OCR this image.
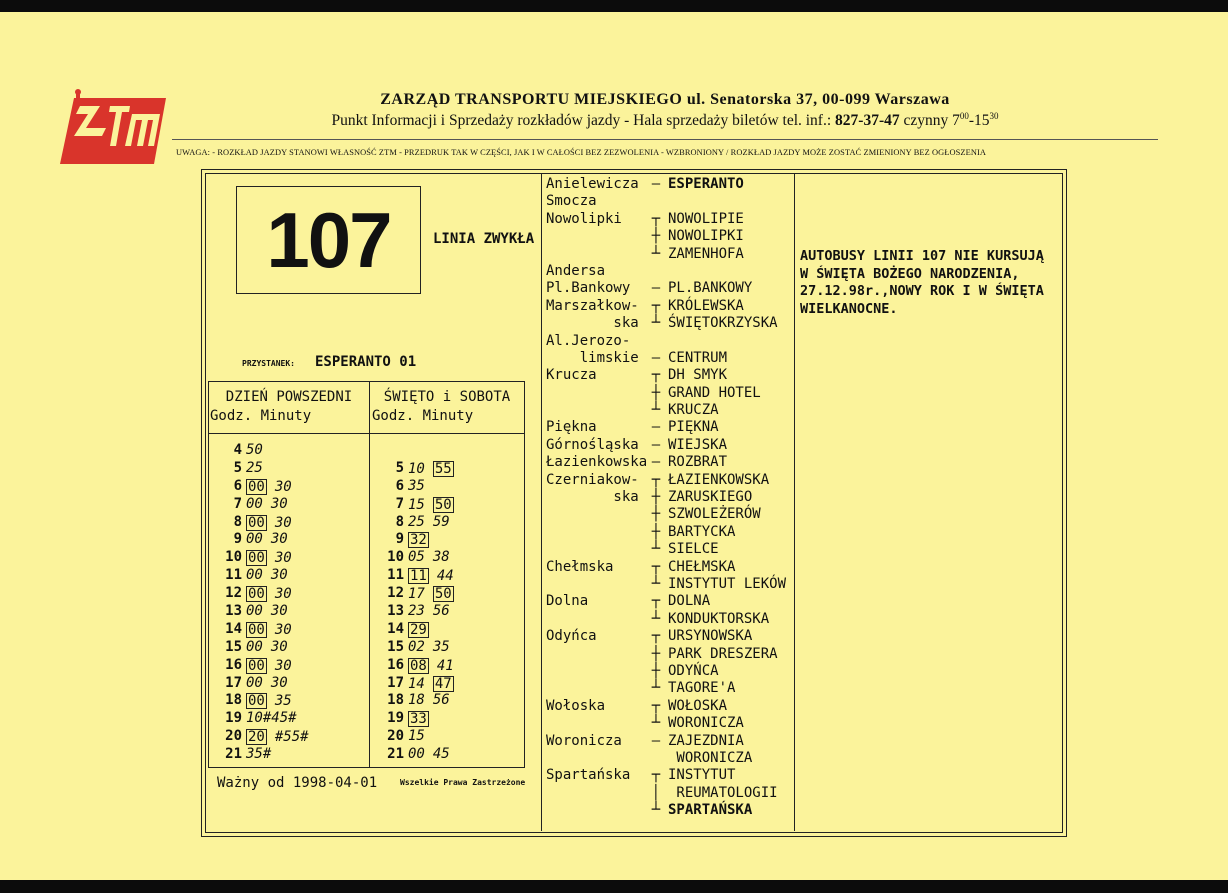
ZARZĄD TRANSPORTU MIEJSKIEGO ul. Senatorska 37, 00-099 Warszawa
Punkt Informacji i Sprzedaży rozkładów jazdy - Hala sprzedaży biletów tel. inf.: 827-37-47 czynny $7^{00}-15^{30}$
UWAGA: - ROZKŁAD JAZDY STANOWI WŁASNOŚĆ ZTM - PRZEDRUK TAK W CZĘŚCI, JAK I W CAŁOŚCI BEZ ZEZWOLENIA - WZBRONIONY / ROZKŁAD JAZDY MOŻE ZOSTAĆ ZMIENIONY BEZ OGŁOSZENIA
107	LINIA ZWYKŁA
PRZYSTANEK: ESPERANTO 01
DZIEŃ POWSZEDNI
Godz. Minuty
ŚWIĘTO i SOBOTA
Godz. Minuty
4 50
5 25
6 00 30
7 00 30
8 00 30
9 00 30
10 00 30
11 00 30
12 00 30
13 00 30
14 00 30
15 00 30
16 00 30
17 00 30
18 00 35
19 10#45#
20 20 #55#
21 35#
5 10 55
6 35
7 15 50
8 25 59
9 32
10 05 38
11 11 44
12 17 50
13 23 56
14 29
15 02 35
16 08 41
17 14 47
18 18 56
19 33
20 15
21 00 45
Ważny od 1998-04-01	Wszelkie Prawa Zastrzeżone
Anielewicza – ESPERANTO
Smocza
Nowolipki ┬ NOWOLIPIE
┼ NOWOLIPKI
┴ ZAMENHOFA
Andersa
Pl.Bankowy – PL.BANKOWY
Marszałkow- ┬ KRÓLEWSKA
ska ┴ ŚWIĘTOKRZYSKA
Al.Jerozo-
limskie – CENTRUM
Krucza	┬ DH SMYK
┼ GRAND HOTEL
┴ KRUCZA
Piękna	– PIĘKNA
Górnośląska – WIEJSKA
Łazienkowska – ROZBRAT
Czerniakow- ┬ ŁAZIENKOWSKA
ska ┼ ZARUSKIEGO
┼ SZWOLEŻERÓW
┼ BARTYCKA
┴ SIELCE
Chełmska	┬ CHEŁMSKA
┴ INSTYTUT LEKÓW
Dolna	┬ DOLNA
┴ KONDUKTORSKA
Odyńca	┬ URSYNOWSKA
┼ PARK DRESZERA
┼ ODYŃCA
┴ TAGORE'A
Wołoska	┬ WOŁOSKA
┴ WORONICZA
Woronicza – ZAJEZDNIA
WORONICZA
Spartańska ┬ INSTYTUT
│ REUMATOLOGII
┴ SPARTAŃSKA
AUTOBUSY LINII 107 NIE KURSUJĄ W ŚWIĘTA BOŻEGO NARODZENIA, 27.12.98r.,NOWY ROK I W ŚWIĘTA WIELKANOCNE.
